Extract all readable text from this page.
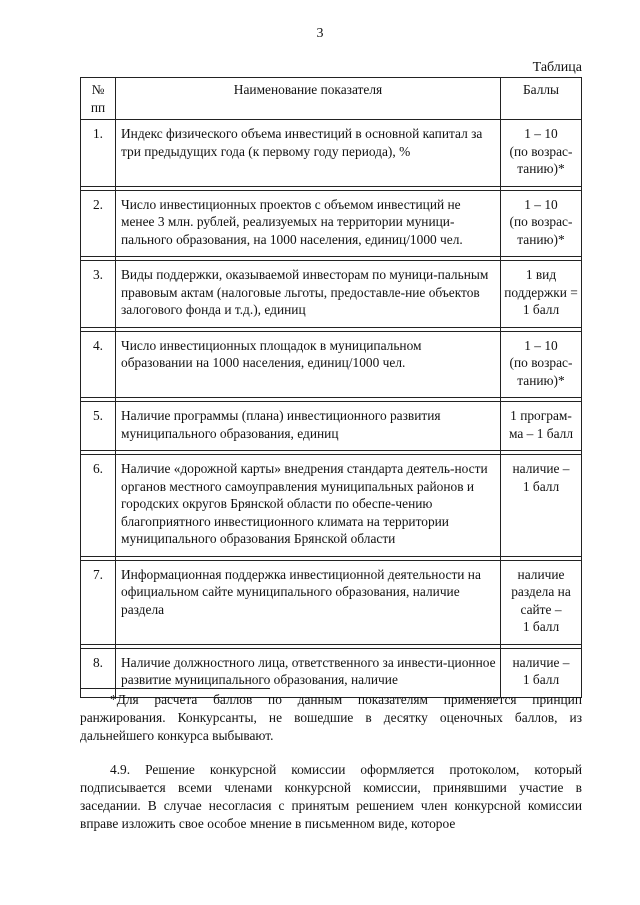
3
Таблица
№
пп	Наименование показателя	Баллы
1.	Индекс физического объема инвестиций в основной капитал за три предыдущих года (к первому году периода), %	1 – 10
(по возрас-
танию)*

2.	Число инвестиционных проектов с объемом инвестиций не менее 3 млн. рублей, реализуемых на территории муници-пального образования, на 1000 населения, единиц/1000 чел.	1 – 10
(по возрас-
танию)*

3.	Виды поддержки, оказываемой инвесторам по муници-пальным правовым актам (налоговые льготы, предоставле-ние объектов залогового фонда и т.д.), единиц	1 вид
поддержки =
1 балл

4.	Число инвестиционных площадок в муниципальном образовании на 1000 населения, единиц/1000 чел.	1 – 10
(по возрас-
танию)*

5.	Наличие программы (плана) инвестиционного развития муниципального образования, единиц	1 програм-
ма – 1 балл

6.	Наличие «дорожной карты» внедрения стандарта деятель-ности органов местного самоуправления муниципальных районов и городских округов Брянской области по обеспе-чению благоприятного инвестиционного климата на территории муниципального образования Брянской области	наличие –
1 балл

7.	Информационная поддержка инвестиционной деятельности на официальном сайте муниципального образования, наличие раздела	наличие
раздела на
сайте –
1 балл

8.	Наличие должностного лица, ответственного за инвести-ционное развитие муниципального образования, наличие	наличие –
1 балл
*Для расчета баллов по данным показателям применяется принцип ранжирования. Конкурсанты, не вошедшие в десятку оценочных баллов, из дальнейшего конкурса выбывают.
4.9. Решение конкурсной комиссии оформляется протоколом, который подписывается всеми членами конкурсной комиссии, принявшими участие в заседании. В случае несогласия с принятым решением член конкурсной комиссии вправе изложить свое особое мнение в письменном виде, которое
